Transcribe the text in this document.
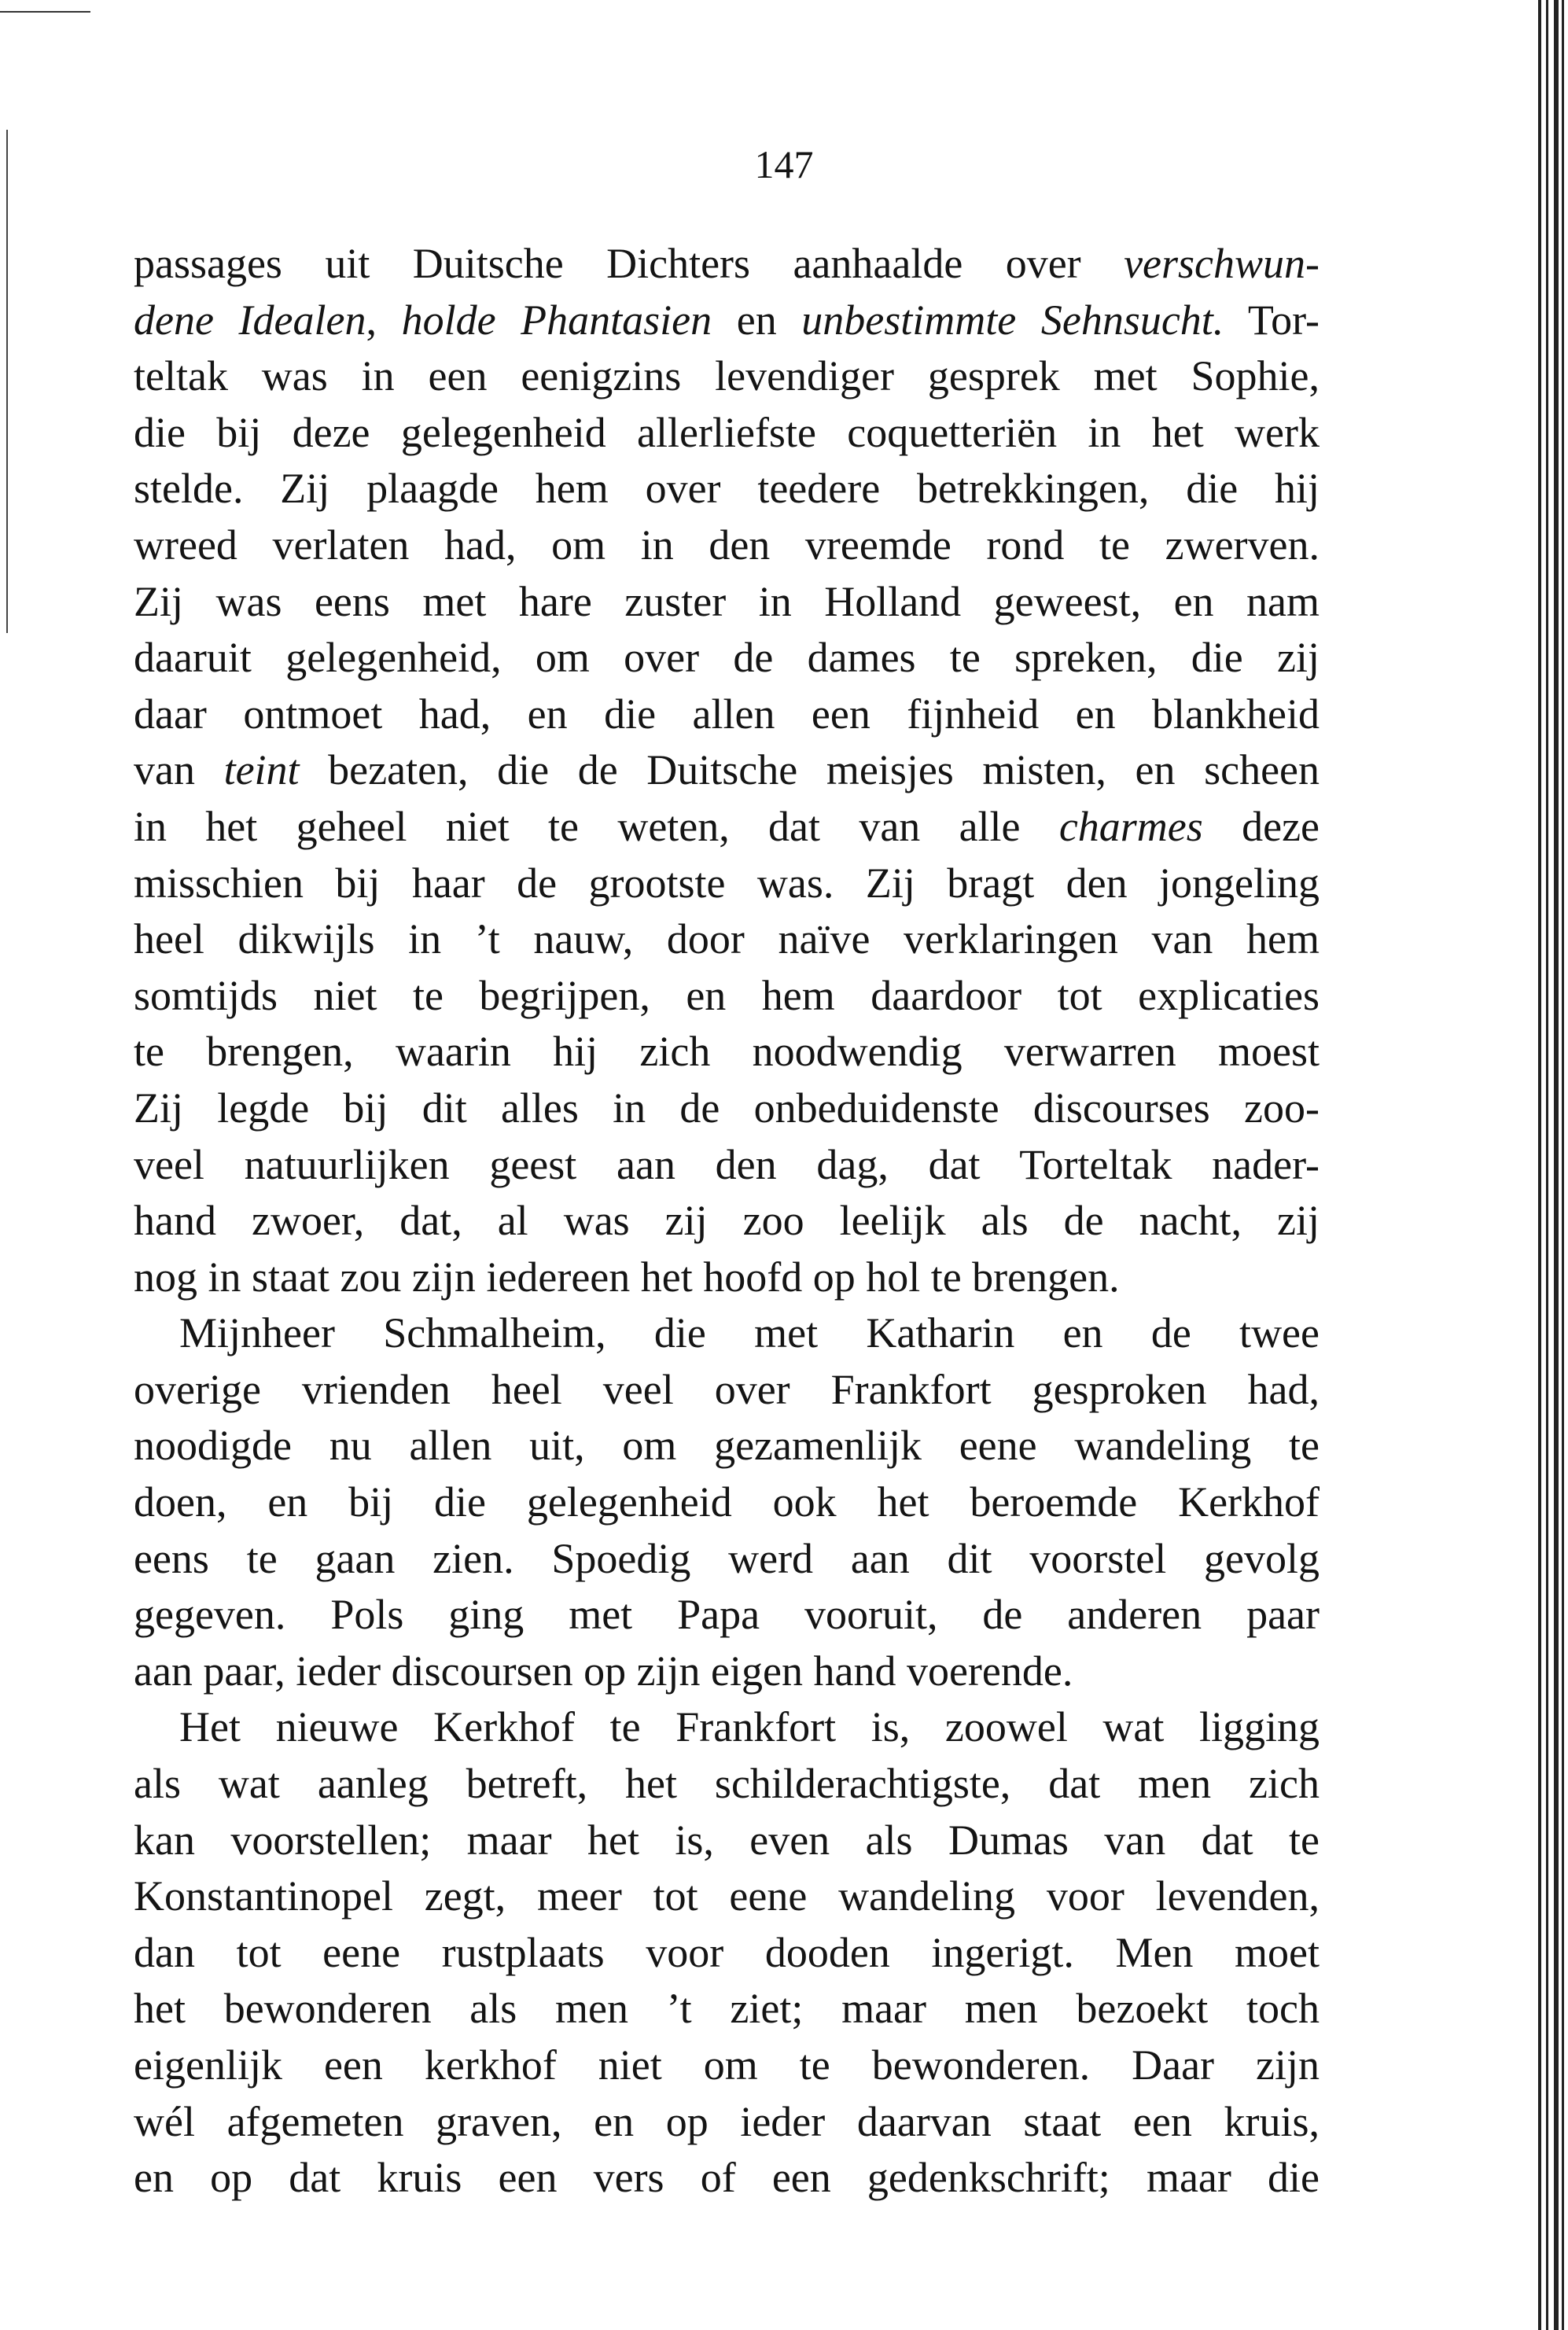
147
passages uit Duitsche Dichters aanhaalde over verschwun-
dene Idealen, holde Phantasien en unbestimmte Sehnsucht. Tor-
teltak was in een eenigzins levendiger gesprek met Sophie,
die bij deze gelegenheid allerliefste coquetteriën in het werk
stelde. Zij plaagde hem over teedere betrekkingen, die hij
wreed verlaten had, om in den vreemde rond te zwerven.
Zij was eens met hare zuster in Holland geweest, en nam
daaruit gelegenheid, om over de dames te spreken, die zij
daar ontmoet had, en die allen een fijnheid en blankheid
van teint bezaten, die de Duitsche meisjes misten, en scheen
in het geheel niet te weten, dat van alle charmes deze
misschien bij haar de grootste was. Zij bragt den jongeling
heel dikwijls in ’t nauw, door naïve verklaringen van hem
somtijds niet te begrijpen, en hem daardoor tot explicaties
te brengen, waarin hij zich noodwendig verwarren moest
Zij legde bij dit alles in de onbeduidenste discourses zoo-
veel natuurlijken geest aan den dag, dat Torteltak nader-
hand zwoer, dat, al was zij zoo leelijk als de nacht, zij
nog in staat zou zijn iedereen het hoofd op hol te brengen.
Mijnheer Schmalheim, die met Katharin en de twee
overige vrienden heel veel over Frankfort gesproken had,
noodigde nu allen uit, om gezamenlijk eene wandeling te
doen, en bij die gelegenheid ook het beroemde Kerkhof
eens te gaan zien. Spoedig werd aan dit voorstel gevolg
gegeven. Pols ging met Papa vooruit, de anderen paar
aan paar, ieder discoursen op zijn eigen hand voerende.
Het nieuwe Kerkhof te Frankfort is, zoowel wat ligging
als wat aanleg betreft, het schilderachtigste, dat men zich
kan voorstellen; maar het is, even als Dumas van dat te
Konstantinopel zegt, meer tot eene wandeling voor levenden,
dan tot eene rustplaats voor dooden ingerigt. Men moet
het bewonderen als men ’t ziet; maar men bezoekt toch
eigenlijk een kerkhof niet om te bewonderen. Daar zijn
wél afgemeten graven, en op ieder daarvan staat een kruis,
en op dat kruis een vers of een gedenkschrift; maar die
